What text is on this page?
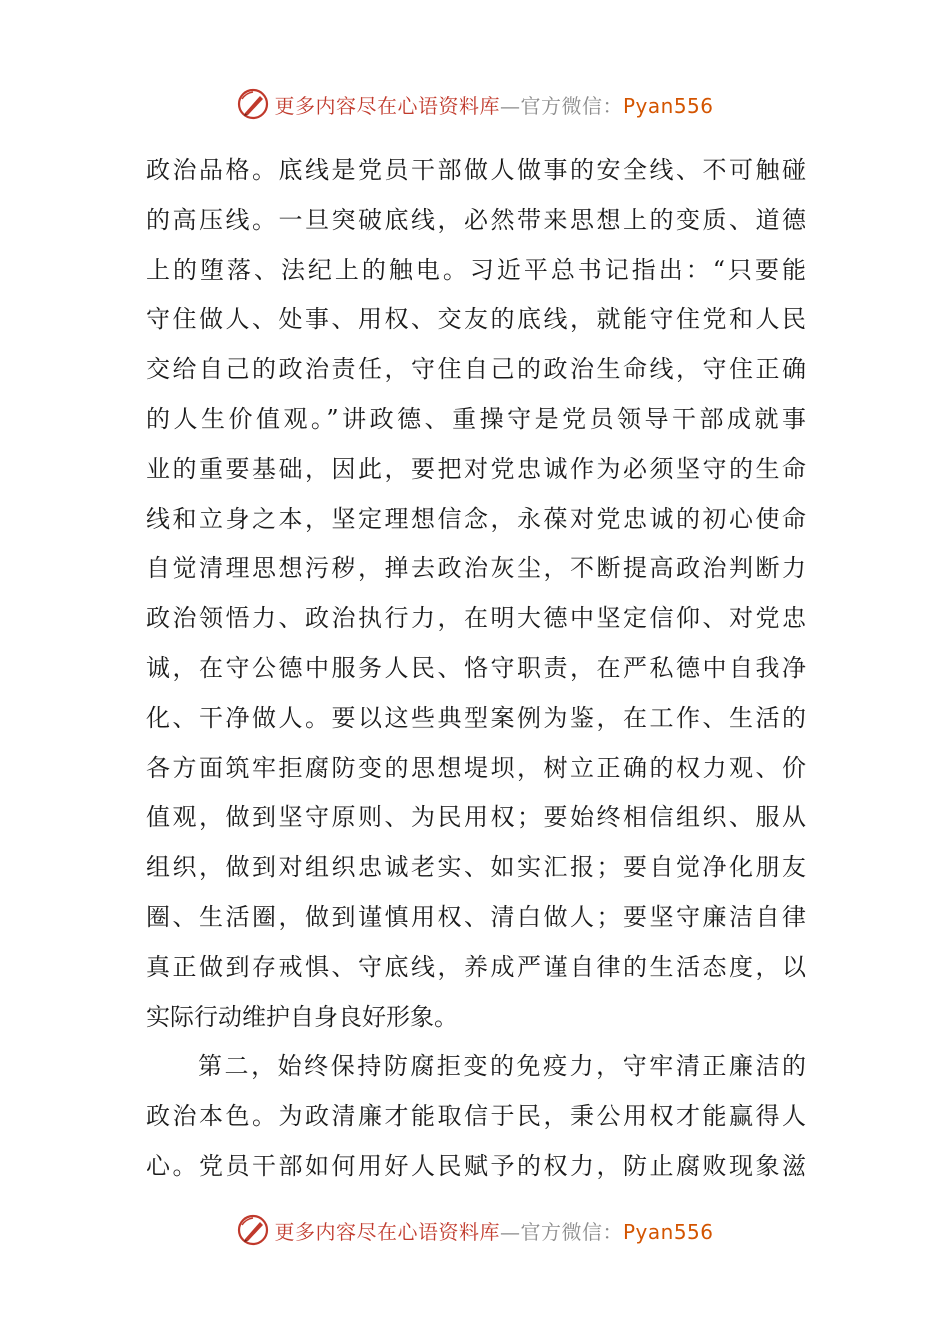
更多内容尽在心语资料库—官方微信：Pyan556
政治品格。底线是党员干部做人做事的安全线、不可触碰
的高压线。一旦突破底线，必然带来思想上的变质、道德
上的堕落、法纪上的触电。习近平总书记指出：“只要能
守住做人、处事、用权、交友的底线，就能守住党和人民
交给自己的政治责任，守住自己的政治生命线，守住正确
的人生价值观。”讲政德、重操守是党员领导干部成就事
业的重要基础，因此，要把对党忠诚作为必须坚守的生命
线和立身之本，坚定理想信念，永葆对党忠诚的初心使命
自觉清理思想污秽，掸去政治灰尘，不断提高政治判断力
政治领悟力、政治执行力，在明大德中坚定信仰、对党忠
诚，在守公德中服务人民、恪守职责，在严私德中自我净
化、干净做人。要以这些典型案例为鉴，在工作、生活的
各方面筑牢拒腐防变的思想堤坝，树立正确的权力观、价
值观，做到坚守原则、为民用权；要始终相信组织、服从
组织，做到对组织忠诚老实、如实汇报；要自觉净化朋友
圈、生活圈，做到谨慎用权、清白做人；要坚守廉洁自律
真正做到存戒惧、守底线，养成严谨自律的生活态度，以
实际行动维护自身良好形象。
第二，始终保持防腐拒变的免疫力，守牢清正廉洁的
政治本色。为政清廉才能取信于民，秉公用权才能赢得人
心。党员干部如何用好人民赋予的权力，防止腐败现象滋
更多内容尽在心语资料库—官方微信：Pyan556
